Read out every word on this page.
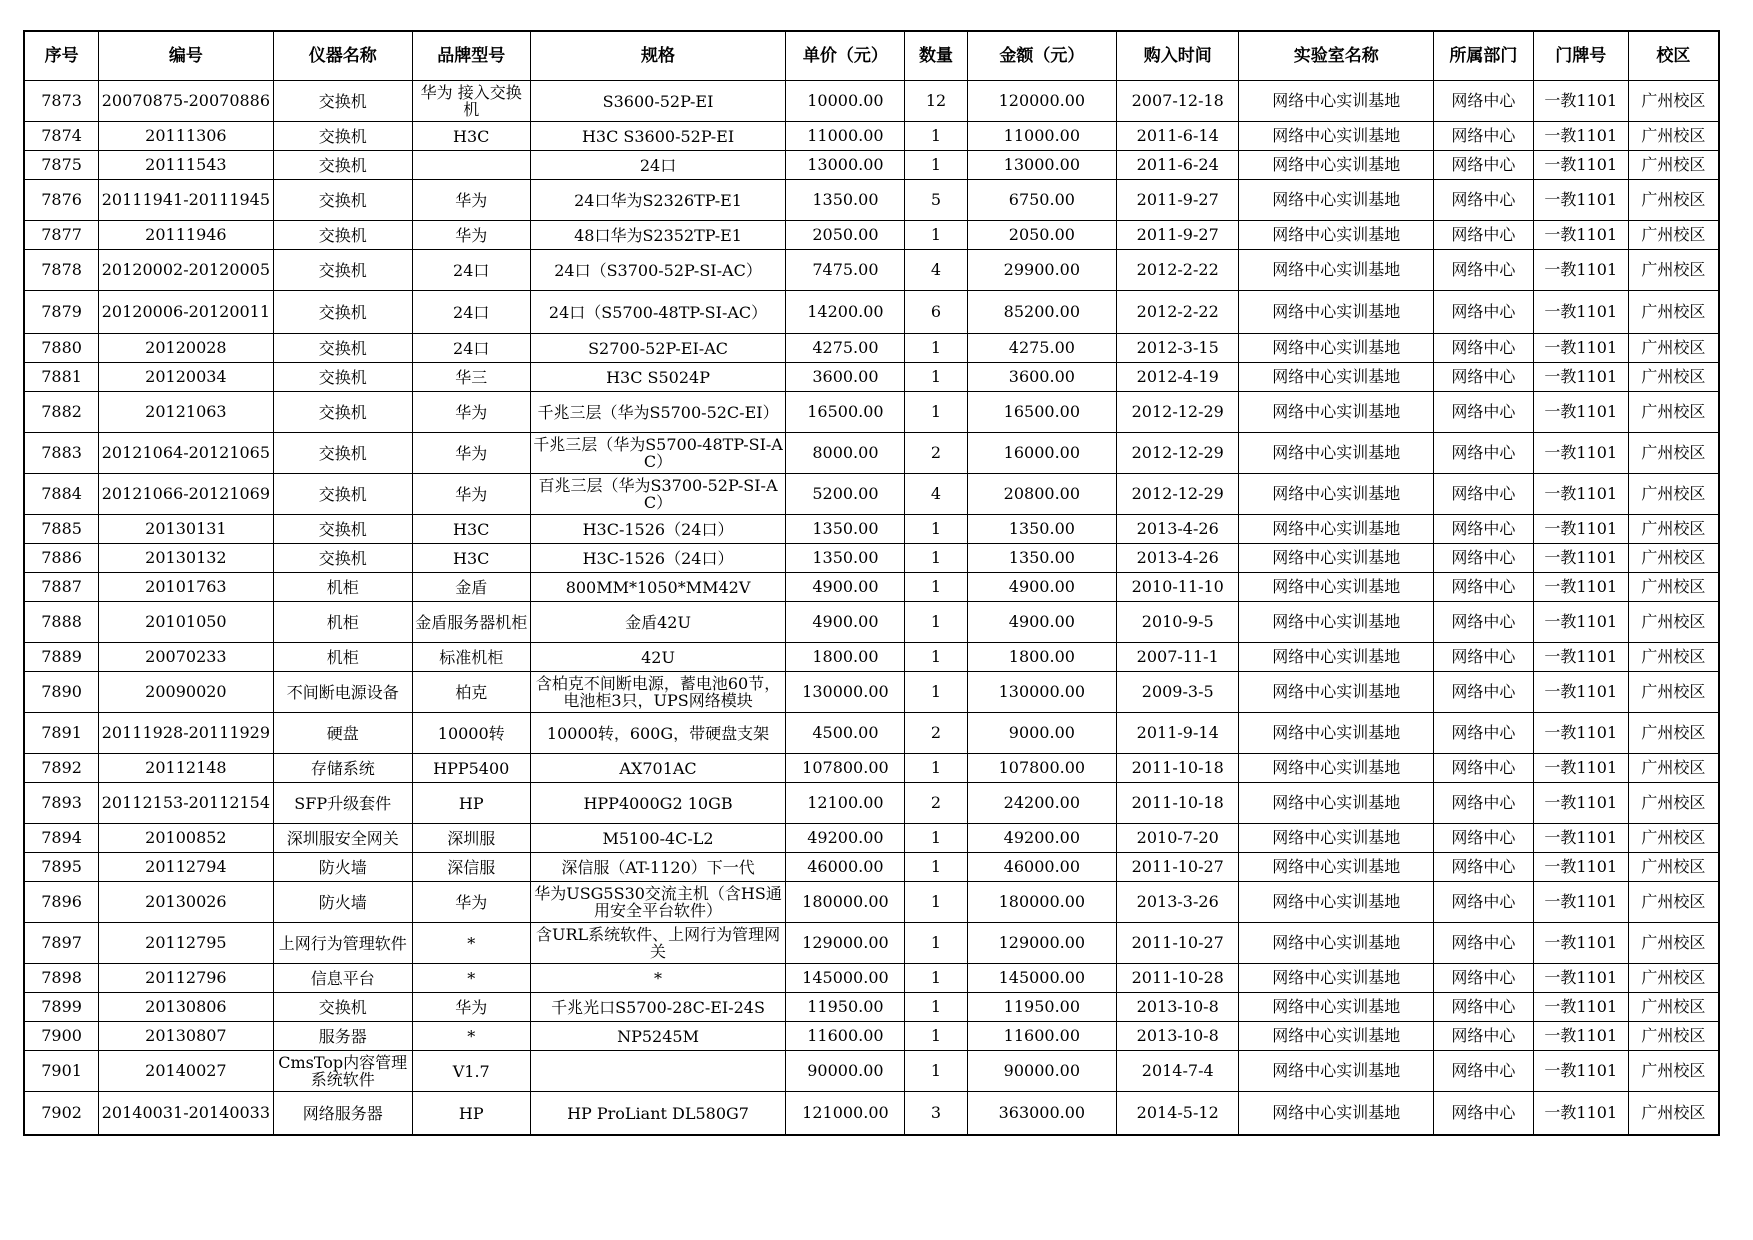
序号	编号	仪器名称	品牌型号	规格	单价（元）	数量	金额（元）	购入时间	实验室名称	所属部门	门牌号	校区
7873	20070875-20070886	交换机	华为 接入交换机	S3600-52P-EI	10000.00	12	120000.00	2007-12-18	网络中心实训基地	网络中心	一教1101	广州校区
7874	20111306	交换机	H3C	H3C S3600-52P-EI	11000.00	1	11000.00	2011-6-14	网络中心实训基地	网络中心	一教1101	广州校区
7875	20111543	交换机		24口	13000.00	1	13000.00	2011-6-24	网络中心实训基地	网络中心	一教1101	广州校区
7876	20111941-20111945	交换机	华为	24口华为S2326TP-E1	1350.00	5	6750.00	2011-9-27	网络中心实训基地	网络中心	一教1101	广州校区
7877	20111946	交换机	华为	48口华为S2352TP-E1	2050.00	1	2050.00	2011-9-27	网络中心实训基地	网络中心	一教1101	广州校区
7878	20120002-20120005	交换机	24口	24口（S3700-52P-SI-AC）	7475.00	4	29900.00	2012-2-22	网络中心实训基地	网络中心	一教1101	广州校区
7879	20120006-20120011	交换机	24口	24口（S5700-48TP-SI-AC）	14200.00	6	85200.00	2012-2-22	网络中心实训基地	网络中心	一教1101	广州校区
7880	20120028	交换机	24口	S2700-52P-EI-AC	4275.00	1	4275.00	2012-3-15	网络中心实训基地	网络中心	一教1101	广州校区
7881	20120034	交换机	华三	H3C S5024P	3600.00	1	3600.00	2012-4-19	网络中心实训基地	网络中心	一教1101	广州校区
7882	20121063	交换机	华为	千兆三层（华为S5700-52C-EI）	16500.00	1	16500.00	2012-12-29	网络中心实训基地	网络中心	一教1101	广州校区
7883	20121064-20121065	交换机	华为	千兆三层（华为S5700-48TP-SI-AC）	8000.00	2	16000.00	2012-12-29	网络中心实训基地	网络中心	一教1101	广州校区
7884	20121066-20121069	交换机	华为	百兆三层（华为S3700-52P-SI-AC）	5200.00	4	20800.00	2012-12-29	网络中心实训基地	网络中心	一教1101	广州校区
7885	20130131	交换机	H3C	H3C-1526（24口）	1350.00	1	1350.00	2013-4-26	网络中心实训基地	网络中心	一教1101	广州校区
7886	20130132	交换机	H3C	H3C-1526（24口）	1350.00	1	1350.00	2013-4-26	网络中心实训基地	网络中心	一教1101	广州校区
7887	20101763	机柜	金盾	800MM*1050*MM42V	4900.00	1	4900.00	2010-11-10	网络中心实训基地	网络中心	一教1101	广州校区
7888	20101050	机柜	金盾服务器机柜	金盾42U	4900.00	1	4900.00	2010-9-5	网络中心实训基地	网络中心	一教1101	广州校区
7889	20070233	机柜	标准机柜	42U	1800.00	1	1800.00	2007-11-1	网络中心实训基地	网络中心	一教1101	广州校区
7890	20090020	不间断电源设备	柏克	含柏克不间断电源，蓄电池60节，电池柜3只，UPS网络模块	130000.00	1	130000.00	2009-3-5	网络中心实训基地	网络中心	一教1101	广州校区
7891	20111928-20111929	硬盘	10000转	10000转，600G，带硬盘支架	4500.00	2	9000.00	2011-9-14	网络中心实训基地	网络中心	一教1101	广州校区
7892	20112148	存储系统	HPP5400	AX701AC	107800.00	1	107800.00	2011-10-18	网络中心实训基地	网络中心	一教1101	广州校区
7893	20112153-20112154	SFP升级套件	HP	HPP4000G2 10GB	12100.00	2	24200.00	2011-10-18	网络中心实训基地	网络中心	一教1101	广州校区
7894	20100852	深圳服安全网关	深圳服	M5100-4C-L2	49200.00	1	49200.00	2010-7-20	网络中心实训基地	网络中心	一教1101	广州校区
7895	20112794	防火墙	深信服	深信服（AT-1120）下一代	46000.00	1	46000.00	2011-10-27	网络中心实训基地	网络中心	一教1101	广州校区
7896	20130026	防火墙	华为	华为USG5S30交流主机（含HS通用安全平台软件）	180000.00	1	180000.00	2013-3-26	网络中心实训基地	网络中心	一教1101	广州校区
7897	20112795	上网行为管理软件	*	含URL系统软件、上网行为管理网关	129000.00	1	129000.00	2011-10-27	网络中心实训基地	网络中心	一教1101	广州校区
7898	20112796	信息平台	*	*	145000.00	1	145000.00	2011-10-28	网络中心实训基地	网络中心	一教1101	广州校区
7899	20130806	交换机	华为	千兆光口S5700-28C-EI-24S	11950.00	1	11950.00	2013-10-8	网络中心实训基地	网络中心	一教1101	广州校区
7900	20130807	服务器	*	NP5245M	11600.00	1	11600.00	2013-10-8	网络中心实训基地	网络中心	一教1101	广州校区
7901	20140027	CmsTop内容管理系统软件	V1.7		90000.00	1	90000.00	2014-7-4	网络中心实训基地	网络中心	一教1101	广州校区
7902	20140031-20140033	网络服务器	HP	HP ProLiant DL580G7	121000.00	3	363000.00	2014-5-12	网络中心实训基地	网络中心	一教1101	广州校区
